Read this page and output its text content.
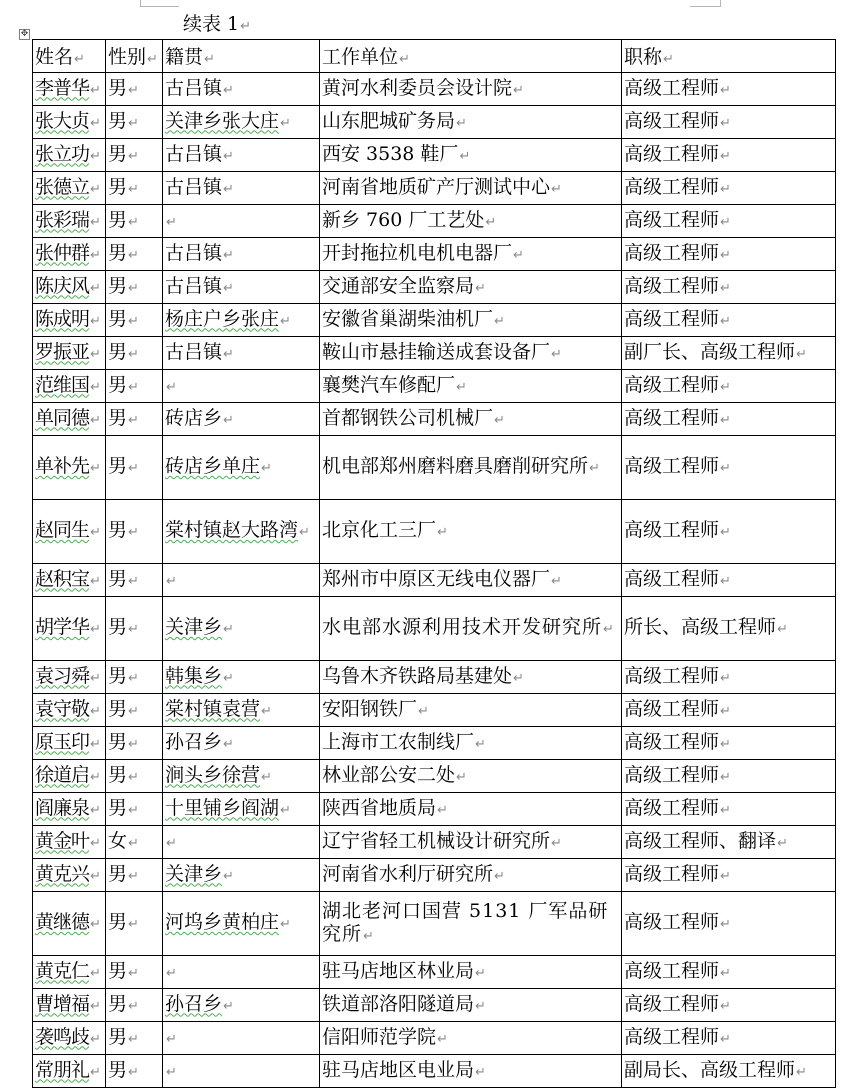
续表 1↵
✥
姓名↵	性别↵	籍贯↵	工作单位↵	职称↵
李普华↵	男↵	古吕镇↵	黄河水利委员会设计院↵	高级工程师↵
张大贞↵	男↵	关津乡张大庄↵	山东肥城矿务局↵	高级工程师↵
张立功↵	男↵	古吕镇↵	西安 3538 鞋厂↵	高级工程师↵
张德立↵	男↵	古吕镇↵	河南省地质矿产厅测试中心↵	高级工程师↵
张彩瑞↵	男↵	↵	新乡 760 厂工艺处↵	高级工程师↵
张仲群↵	男↵	古吕镇↵	开封拖拉机电机电器厂↵	高级工程师↵
陈庆风↵	男↵	古吕镇↵	交通部安全监察局↵	高级工程师↵
陈成明↵	男↵	杨庄户乡张庄↵	安徽省巢湖柴油机厂↵	高级工程师↵
罗振亚↵	男↵	古吕镇↵	鞍山市悬挂输送成套设备厂↵	副厂长、高级工程师↵
范维国↵	男↵	↵	襄樊汽车修配厂↵	高级工程师↵
单同德↵	男↵	砖店乡↵	首都钢铁公司机械厂↵	高级工程师↵
单补先↵	男↵	砖店乡单庄↵	机电部郑州磨料磨具磨削研究所↵	高级工程师↵
赵同生↵	男↵	棠村镇赵大路湾↵	北京化工三厂↵	高级工程师↵
赵积宝↵	男↵	↵	郑州市中原区无线电仪器厂↵	高级工程师↵
胡学华↵	男↵	关津乡↵	水电部水源利用技术开发研究所↵	所长、高级工程师↵
袁习舜↵	男↵	韩集乡↵	乌鲁木齐铁路局基建处↵	高级工程师↵
袁守敬↵	男↵	棠村镇袁营↵	安阳钢铁厂↵	高级工程师↵
原玉印↵	男↵	孙召乡↵	上海市工农制线厂↵	高级工程师↵
徐道启↵	男↵	涧头乡徐营↵	林业部公安二处↵	高级工程师↵
阎廉泉↵	男↵	十里铺乡阎湖↵	陕西省地质局↵	高级工程师↵
黄金叶↵	女↵	↵	辽宁省轻工机械设计研究所↵	高级工程师、翻译↵
黄克兴↵	男↵	关津乡↵	河南省水利厅研究所↵	高级工程师↵
黄继德↵	男↵	河坞乡黄柏庄↵	湖北老河口国营 5131 厂军品研究所↵	高级工程师↵
黄克仁↵	男↵	↵	驻马店地区林业局↵	高级工程师↵
曹增福↵	男↵	孙召乡↵	铁道部洛阳隧道局↵	高级工程师↵
袭鸣歧↵	男↵	↵	信阳师范学院↵	高级工程师↵
常朋礼↵	男↵	↵	驻马店地区电业局↵	副局长、高级工程师↵
